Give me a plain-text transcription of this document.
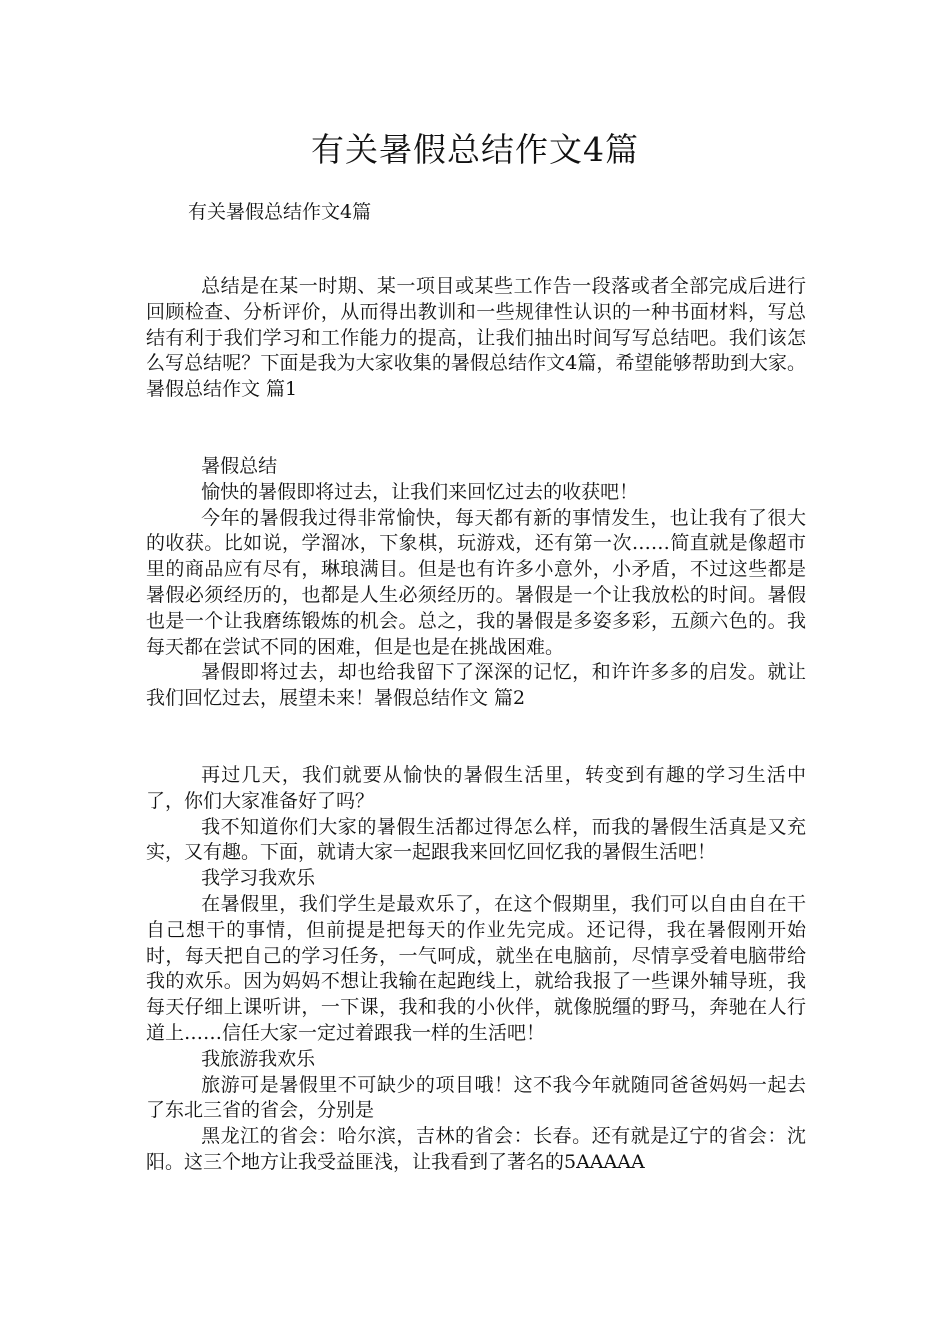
有关暑假总结作文4篇
有关暑假总结作文4篇

总结是在某一时期、某一项目或某些工作告一段落或者全部完成后进行回顾检查、分析评价，从而得出教训和一些规律性认识的一种书面材料，写总结有利于我们学习和工作能力的提高，让我们抽出时间写写总结吧。我们该怎么写总结呢？下面是我为大家收集的暑假总结作文4篇，希望能够帮助到大家。暑假总结作文 篇1

暑假总结

愉快的暑假即将过去，让我们来回忆过去的收获吧！

今年的暑假我过得非常愉快，每天都有新的事情发生，也让我有了很大的收获。比如说，学溜冰，下象棋，玩游戏，还有第一次……简直就是像超市里的商品应有尽有，琳琅满目。但是也有许多小意外，小矛盾，不过这些都是暑假必须经历的，也都是人生必须经历的。暑假是一个让我放松的时间。暑假也是一个让我磨练锻炼的机会。总之，我的暑假是多姿多彩，五颜六色的。我每天都在尝试不同的困难，但是也是在挑战困难。

暑假即将过去，却也给我留下了深深的记忆，和许许多多的启发。就让我们回忆过去，展望未来！暑假总结作文 篇2

再过几天，我们就要从愉快的暑假生活里，转变到有趣的学习生活中了，你们大家准备好了吗？

我不知道你们大家的暑假生活都过得怎么样，而我的暑假生活真是又充实，又有趣。下面，就请大家一起跟我来回忆回忆我的暑假生活吧！

我学习我欢乐

在暑假里，我们学生是最欢乐了，在这个假期里，我们可以自由自在干自己想干的事情，但前提是把每天的作业先完成。还记得，我在暑假刚开始时，每天把自己的学习任务，一气呵成，就坐在电脑前，尽情享受着电脑带给我的欢乐。因为妈妈不想让我输在起跑线上，就给我报了一些课外辅导班，我每天仔细上课听讲，一下课，我和我的小伙伴，就像脱缰的野马，奔驰在人行道上……信任大家一定过着跟我一样的生活吧！

我旅游我欢乐

旅游可是暑假里不可缺少的项目哦！这不我今年就随同爸爸妈妈一起去了东北三省的省会，分别是

黑龙江的省会：哈尔滨，吉林的省会：长春。还有就是辽宁的省会：沈阳。这三个地方让我受益匪浅，让我看到了著名的5AAAAA
